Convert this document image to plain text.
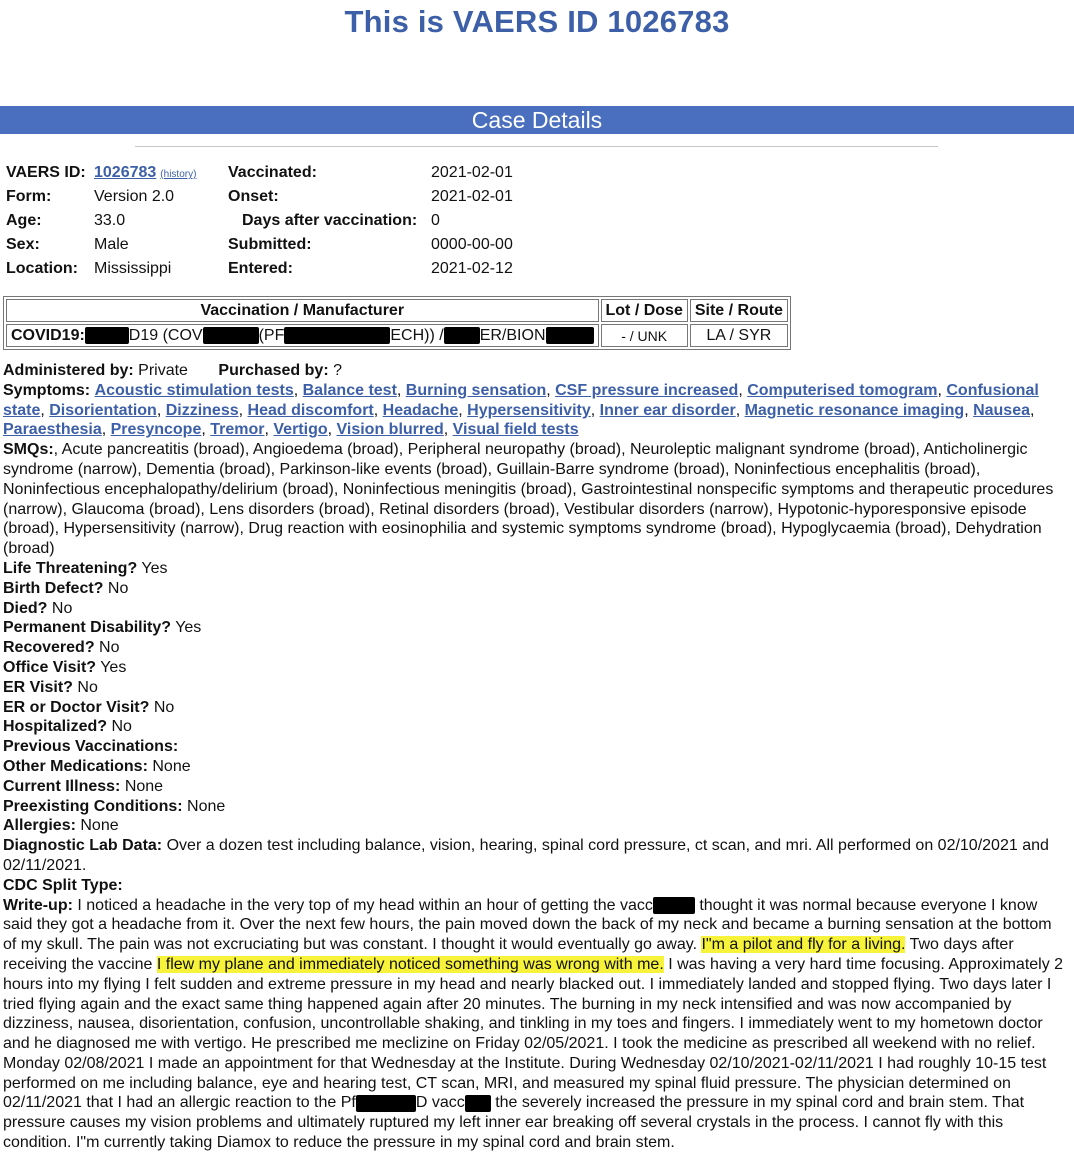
This is VAERS ID 1026783
Case Details
VAERS ID: 1026783 (history) Vaccinated:	2021-02-01
Form:	Version 2.0	Onset:	2021-02-01
Age:	33.0	Days after vaccination: 0
Sex:	Male	Submitted:	0000-00-00
Location: Mississippi	Entered:	2021-02-12
Vaccination / Manufacturer	Lot / Dose	Site / Route
COVID19: D19 (COV (PF ECH)) / ER/BION	- / UNK	LA / SYR

Administered by: Private Purchased by: ?

Symptoms: Acoustic stimulation tests, Balance test, Burning sensation, CSF pressure increased, Computerised tomogram, Confusional state, Disorientation, Dizziness, Head discomfort, Headache, Hypersensitivity, Inner ear disorder, Magnetic resonance imaging, Nausea, Paraesthesia, Presyncope, Tremor, Vertigo, Vision blurred, Visual field tests

SMQs:, Acute pancreatitis (broad), Angioedema (broad), Peripheral neuropathy (broad), Neuroleptic malignant syndrome (broad), Anticholinergic syndrome (narrow), Dementia (broad), Parkinson-like events (broad), Guillain-Barre syndrome (broad), Noninfectious encephalitis (broad), Noninfectious encephalopathy/delirium (broad), Noninfectious meningitis (broad), Gastrointestinal nonspecific symptoms and therapeutic procedures (narrow), Glaucoma (broad), Lens disorders (broad), Retinal disorders (broad), Vestibular disorders (narrow), Hypotonic-hyporesponsive episode (broad), Hypersensitivity (narrow), Drug reaction with eosinophilia and systemic symptoms syndrome (broad), Hypoglycaemia (broad), Dehydration (broad)

Life Threatening? Yes

Birth Defect? No

Died? No

Permanent Disability? Yes

Recovered? No

Office Visit? Yes

ER Visit? No

ER or Doctor Visit? No

Hospitalized? No

Previous Vaccinations:

Other Medications: None

Current Illness: None

Preexisting Conditions: None

Allergies: None

Diagnostic Lab Data: Over a dozen test including balance, vision, hearing, spinal cord pressure, ct scan, and mri. All performed on 02/10/2021 and 02/11/2021.

CDC Split Type:

Write-up: I noticed a headache in the very top of my head within an hour of getting the vacc	thought it was normal because everyone I know said they got a headache from it. Over the next few hours, the pain moved down the back of my neck and became a burning sensation at the bottom of my skull. The pain was not excruciating but was constant. I thought it would eventually go away. I"m a pilot and fly for a living. Two days after receiving the vaccine I flew my plane and immediately noticed something was wrong with me. I was having a very hard time focusing. Approximately 2 hours into my flying I felt sudden and extreme pressure in my head and nearly blacked out. I immediately landed and stopped flying. Two days later I tried flying again and the exact same thing happened again after 20 minutes. The burning in my neck intensified and was now accompanied by dizziness, nausea, disorientation, confusion, uncontrollable shaking, and tinkling in my toes and fingers. I immediately went to my hometown doctor and he diagnosed me with vertigo. He prescribed me meclizine on Friday 02/05/2021. I took the medicine as prescribed all weekend with no relief. Monday 02/08/2021 I made an appointment for that Wednesday at the Institute. During Wednesday 02/10/2021-02/11/2021 I had roughly 10-15 test performed on me including balance, eye and hearing test, CT scan, MRI, and measured my spinal fluid pressure. The physician determined on 02/11/2021 that I had an allergic reaction to the Pf	D vacc the severely increased the pressure in my spinal cord and brain stem. That pressure causes my vision problems and ultimately ruptured my left inner ear breaking off several crystals in the process. I cannot fly with this condition. I"m currently taking Diamox to reduce the pressure in my spinal cord and brain stem.
